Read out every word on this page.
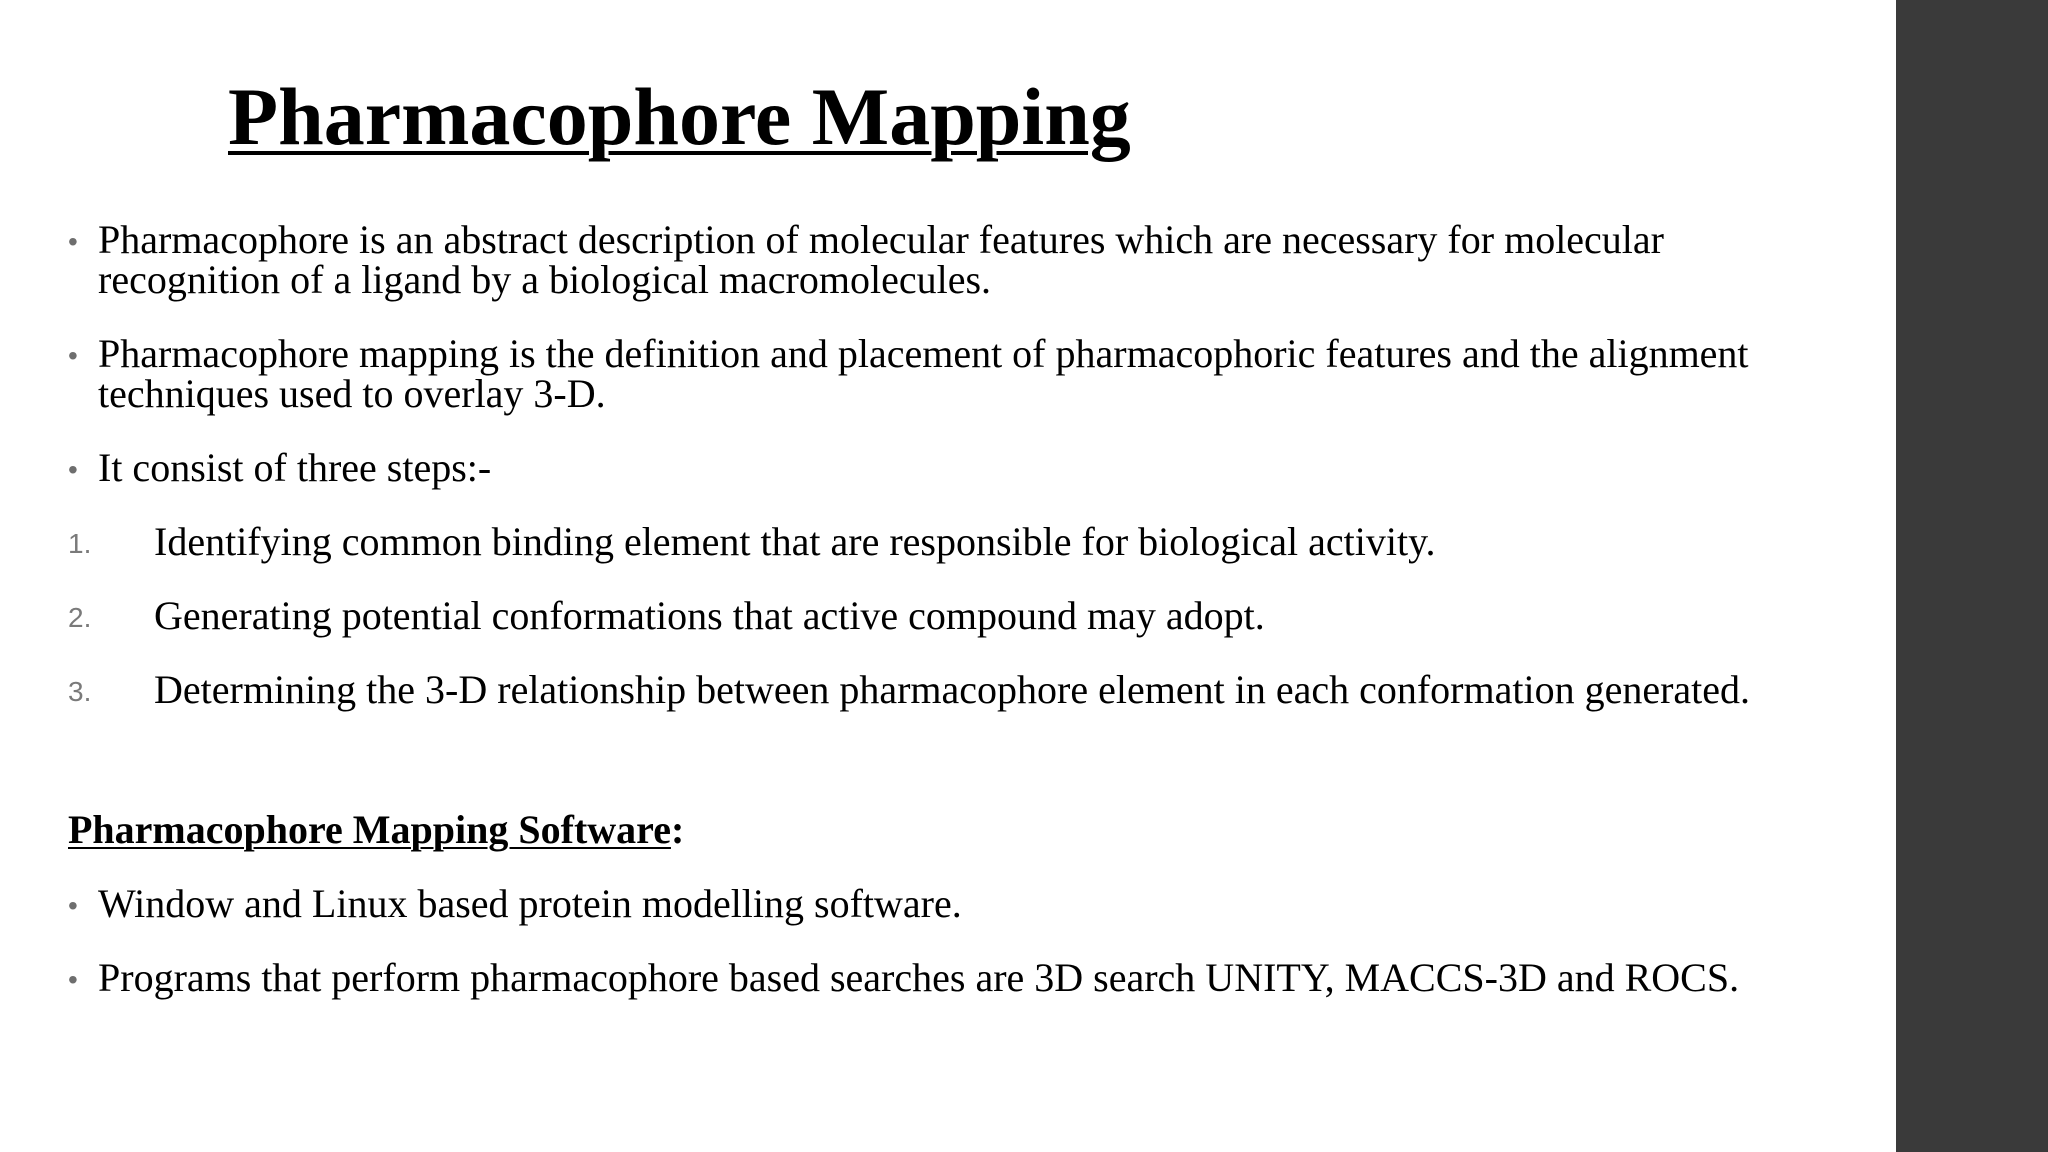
Pharmacophore Mapping
• Pharmacophore is an abstract description of molecular features which are necessary for molecular recognition of a ligand by a biological macromolecules.
• Pharmacophore mapping is the definition and placement of pharmacophoric features and the alignment techniques used to overlay 3-D.
• It consist of three steps:-
1. Identifying common binding element that are responsible for biological activity.
2. Generating potential conformations that active compound may adopt.
3. Determining the 3-D relationship between pharmacophore element in each conformation generated.
Pharmacophore Mapping Software:
• Window and Linux based protein modelling software.
• Programs that perform pharmacophore based searches are 3D search UNITY, MACCS-3D and ROCS.
